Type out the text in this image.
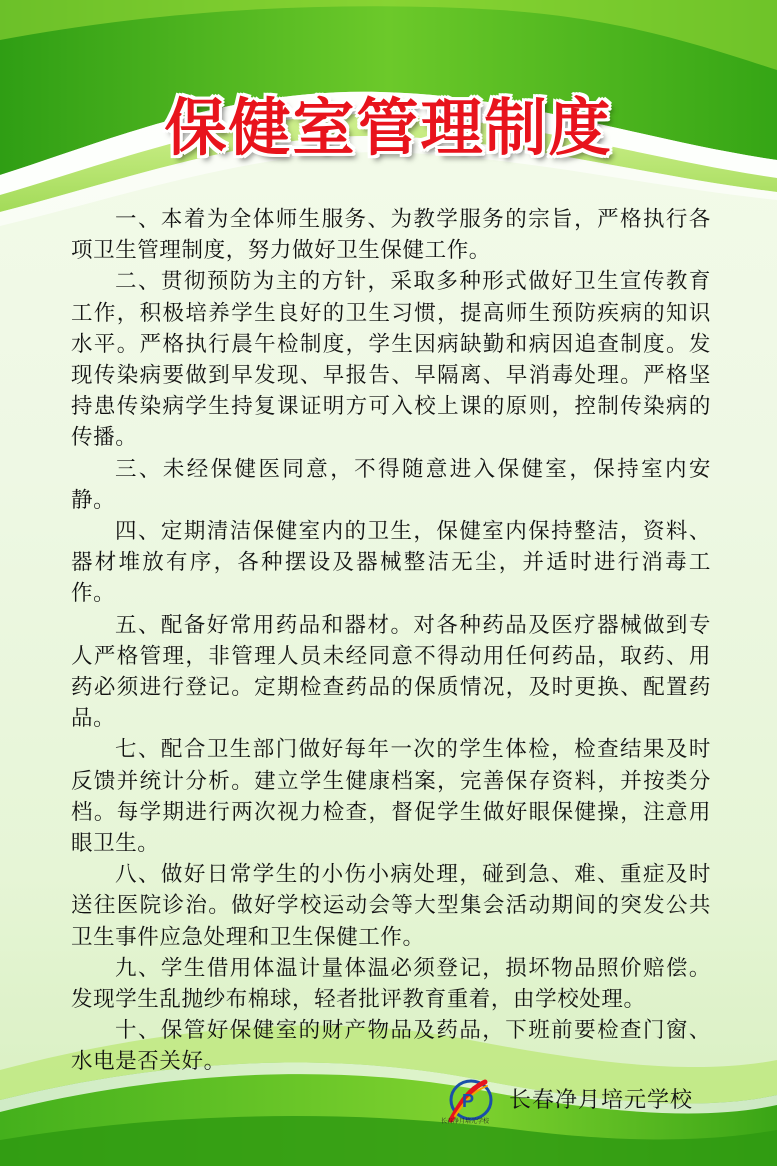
保健室管理制度

一、本着为全体师生服务、为教学服务的宗旨，严格执行各项卫生管理制度，努力做好卫生保健工作。

二、贯彻预防为主的方针，采取多种形式做好卫生宣传教育工作，积极培养学生良好的卫生习惯，提高师生预防疾病的知识水平。严格执行晨午检制度，学生因病缺勤和病因追查制度。发现传染病要做到早发现、早报告、早隔离、早消毒处理。严格坚持患传染病学生持复课证明方可入校上课的原则，控制传染病的传播。

三、未经保健医同意，不得随意进入保健室，保持室内安静。

四、定期清洁保健室内的卫生，保健室内保持整洁，资料、器材堆放有序，各种摆设及器械整洁无尘，并适时进行消毒工作。

五、配备好常用药品和器材。对各种药品及医疗器械做到专人严格管理，非管理人员未经同意不得动用任何药品，取药、用药必须进行登记。定期检查药品的保质情况，及时更换、配置药品。

七、配合卫生部门做好每年一次的学生体检，检查结果及时反馈并统计分析。建立学生健康档案，完善保存资料，并按类分档。每学期进行两次视力检查，督促学生做好眼保健操，注意用眼卫生。

八、做好日常学生的小伤小病处理，碰到急、难、重症及时送往医院诊治。做好学校运动会等大型集会活动期间的突发公共卫生事件应急处理和卫生保健工作。

九、学生借用体温计量体温必须登记，损坏物品照价赔偿。发现学生乱抛纱布棉球，轻者批评教育重着，由学校处理。

十、保管好保健室的财产物品及药品，下班前要检查门窗、水电是否关好。

P
长春净月培元学校
长春净月培元学校
